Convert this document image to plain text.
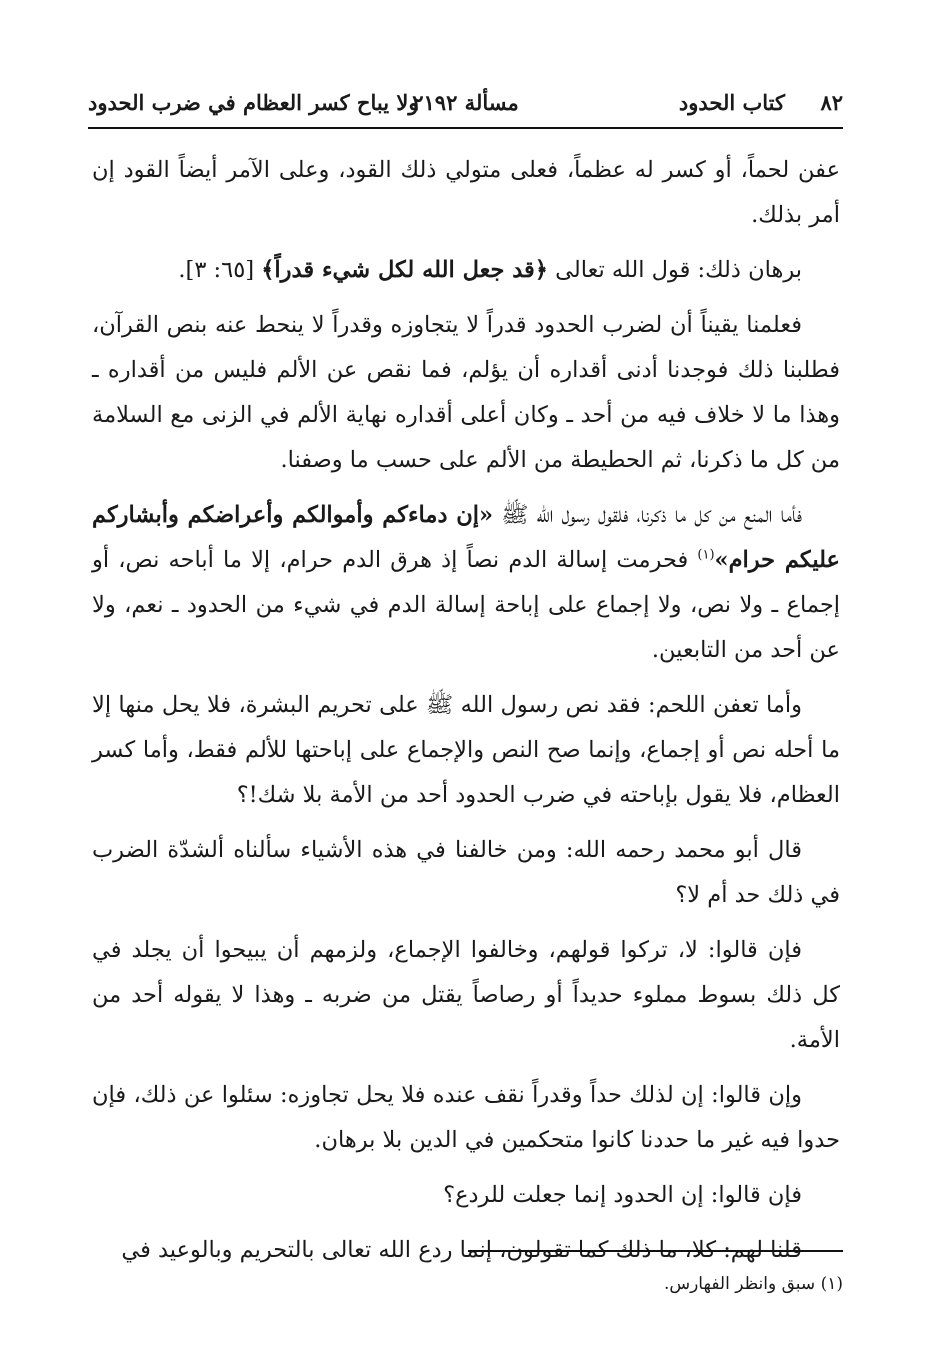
٨٢
كتاب الحدود
مسألة ٢١٩٢
ولا يباح كسر العظام في ضرب الحدود

عفن لحماً، أو كسر له عظماً، فعلى متولي ذلك القود، وعلى الآمر أيضاً القود إن أمر بذلك.

برهان ذلك: قول الله تعالى ﴿قد جعل الله لكل شيء قدراً﴾ [٦٥: ٣].

فعلمنا يقيناً أن لضرب الحدود قدراً لا يتجاوزه وقدراً لا ينحط عنه بنص القرآن، فطلبنا ذلك فوجدنا أدنى أقداره أن يؤلم، فما نقص عن الألم فليس من أقداره ـ وهذا ما لا خلاف فيه من أحد ـ وكان أعلى أقداره نهاية الألم في الزنى مع السلامة من كل ما ذكرنا، ثم الحطيطة من الألم على حسب ما وصفنا.

فأما المنع من كل ما ذكرنا، فلقول رسول الله ﷺ «إن دماءكم وأموالكم وأعراضكم وأبشاركم عليكم حرام»$^{(١)}$ فحرمت إسالة الدم نصاً إذ هرق الدم حرام، إلا ما أباحه نص، أو إجماع ـ ولا نص، ولا إجماع على إباحة إسالة الدم في شيء من الحدود ـ نعم، ولا عن أحد من التابعين.

وأما تعفن اللحم: فقد نص رسول الله ﷺ على تحريم البشرة، فلا يحل منها إلا ما أحله نص أو إجماع، وإنما صح النص والإجماع على إباحتها للألم فقط، وأما كسر العظام، فلا يقول بإباحته في ضرب الحدود أحد من الأمة بلا شك!؟

قال أبو محمد رحمه الله: ومن خالفنا في هذه الأشياء سألناه ألشدّة الضرب في ذلك حد أم لا؟

فإن قالوا: لا، تركوا قولهم، وخالفوا الإجماع، ولزمهم أن يبيحوا أن يجلد في كل ذلك بسوط مملوء حديداً أو رصاصاً يقتل من ضربه ـ وهذا لا يقوله أحد من الأمة.

وإن قالوا: إن لذلك حداً وقدراً نقف عنده فلا يحل تجاوزه: سئلوا عن ذلك، فإن حدوا فيه غير ما حددنا كانوا متحكمين في الدين بلا برهان.

فإن قالوا: إن الحدود إنما جعلت للردع؟

قلنا لهم: كلا، ما ذلك كما تقولون، إنما ردع الله تعالى بالتحريم وبالوعيد في

(١) سبق وانظر الفهارس.
